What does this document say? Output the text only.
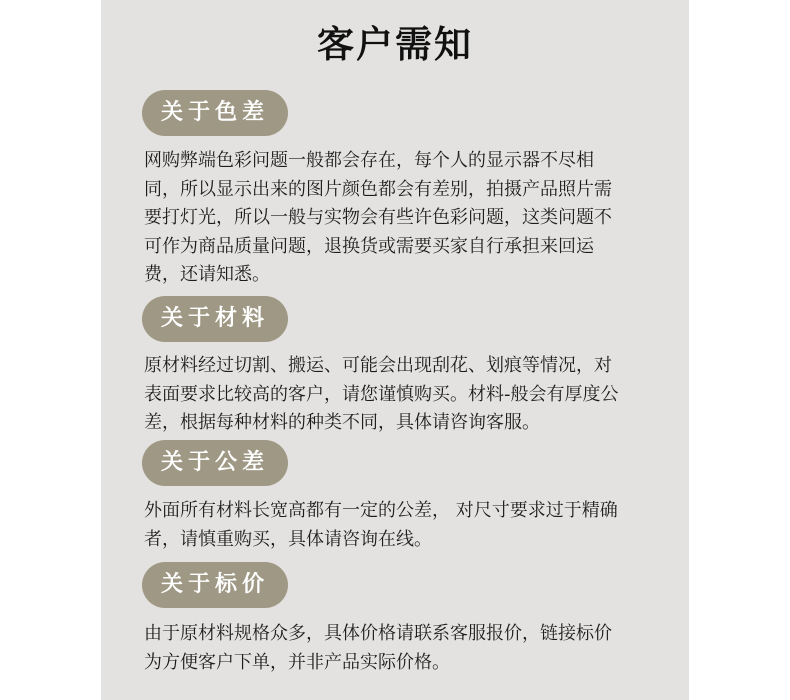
客户需知
关于色差

网购弊端色彩问题一般都会存在，每个人的显示器不尽相
同，所以显示出来的图片颜色都会有差别，拍摄产品照片需
要打灯光，所以一般与实物会有些许色彩问题，这类问题不
可作为商品质量问题，退换货或需要买家自行承担来回运
费，还请知悉。

关于材料

原材料经过切割、搬运、可能会出现刮花、划痕等情况，对
表面要求比较高的客户，请您谨慎购买。材料-般会有厚度公
差，根据每种材料的种类不同，具体请咨询客服。

关于公差

外面所有材料长宽高都有一定的公差， 对尺寸要求过于精确
者，请慎重购买，具体请咨询在线。

关于标价

由于原材料规格众多，具体价格请联系客服报价，链接标价
为方便客户下单，并非产品实际价格。
